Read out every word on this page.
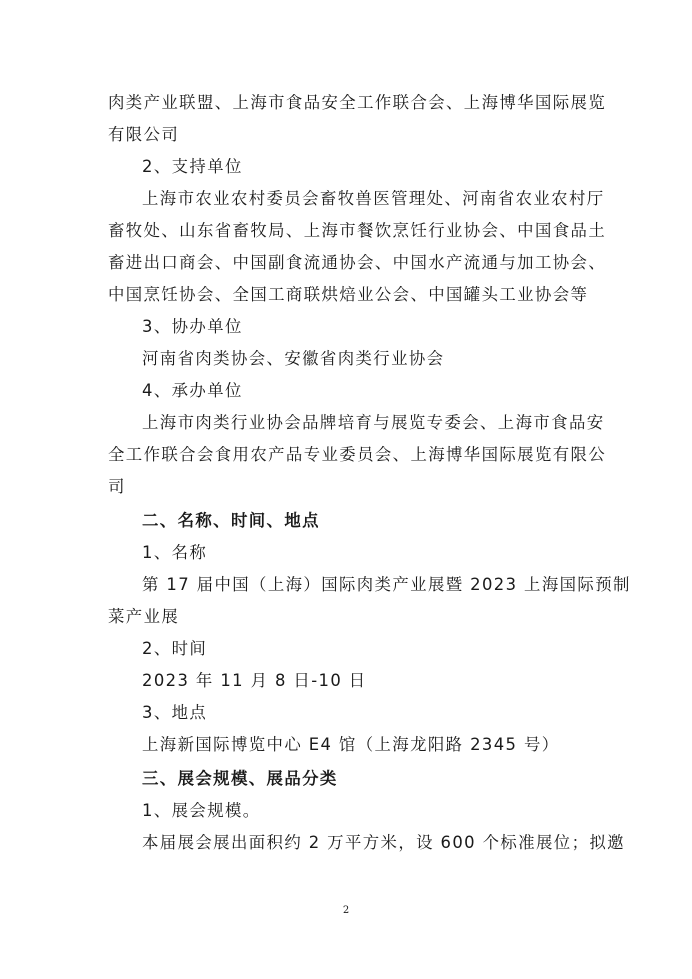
肉类产业联盟、上海市食品安全工作联合会、上海博华国际展览
有限公司
2、支持单位
上海市农业农村委员会畜牧兽医管理处、河南省农业农村厅
畜牧处、山东省畜牧局、上海市餐饮烹饪行业协会、中国食品土
畜进出口商会、中国副食流通协会、中国水产流通与加工协会、
中国烹饪协会、全国工商联烘焙业公会、中国罐头工业协会等
3、协办单位
河南省肉类协会、安徽省肉类行业协会
4、承办单位
上海市肉类行业协会品牌培育与展览专委会、上海市食品安
全工作联合会食用农产品专业委员会、上海博华国际展览有限公
司
二、名称、时间、地点
1、名称
第 17 届中国（上海）国际肉类产业展暨 2023 上海国际预制
菜产业展
2、时间
2023 年 11 月 8 日-10 日
3、地点
上海新国际博览中心 E4 馆（上海龙阳路 2345 号）
三、展会规模、展品分类
1、展会规模。
本届展会展出面积约 2 万平方米，设 600 个标准展位；拟邀
2
